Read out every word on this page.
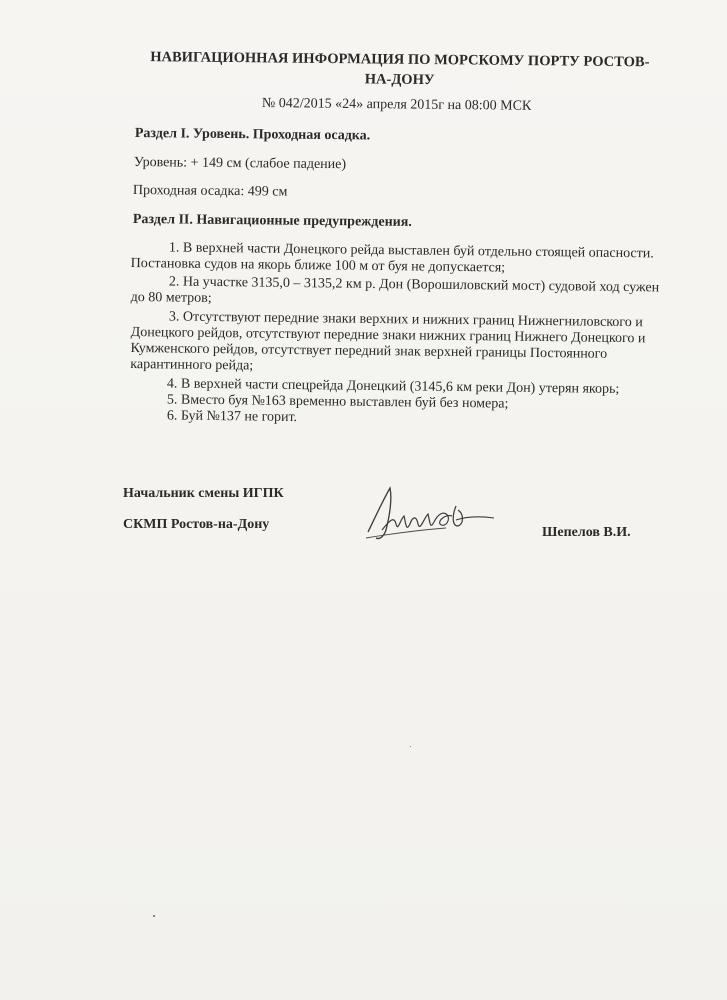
НАВИГАЦИОННАЯ ИНФОРМАЦИЯ ПО МОРСКОМУ ПОРТУ РОСТОВ-НА-ДОНУ
№ 042/2015 «24» апреля 2015г на 08:00 МСК
Раздел I. Уровень. Проходная осадка.
Уровень: + 149 см (слабое падение)
Проходная осадка: 499 см
Раздел II. Навигационные предупреждения.
1. В верхней части Донецкого рейда выставлен буй отдельно стоящей опасности. Постановка судов на якорь ближе 100 м от буя не допускается;
2. На участке 3135,0 – 3135,2 км р. Дон (Ворошиловский мост) судовой ход сужен до 80 метров;
3. Отсутствуют передние знаки верхних и нижних границ Нижнегниловского и Донецкого рейдов, отсутствуют передние знаки нижних границ Нижнего Донецкого и Кумженского рейдов, отсутствует передний знак верхней границы Постоянного карантинного рейда;
4. В верхней части спецрейда Донецкий (3145,6 км реки Дон) утерян якорь;
5. Вместо буя №163 временно выставлен буй без номера;
6. Буй №137 не горит.
Начальник смены ИГПК
СКМП Ростов-на-Дону
Шепелов В.И.
